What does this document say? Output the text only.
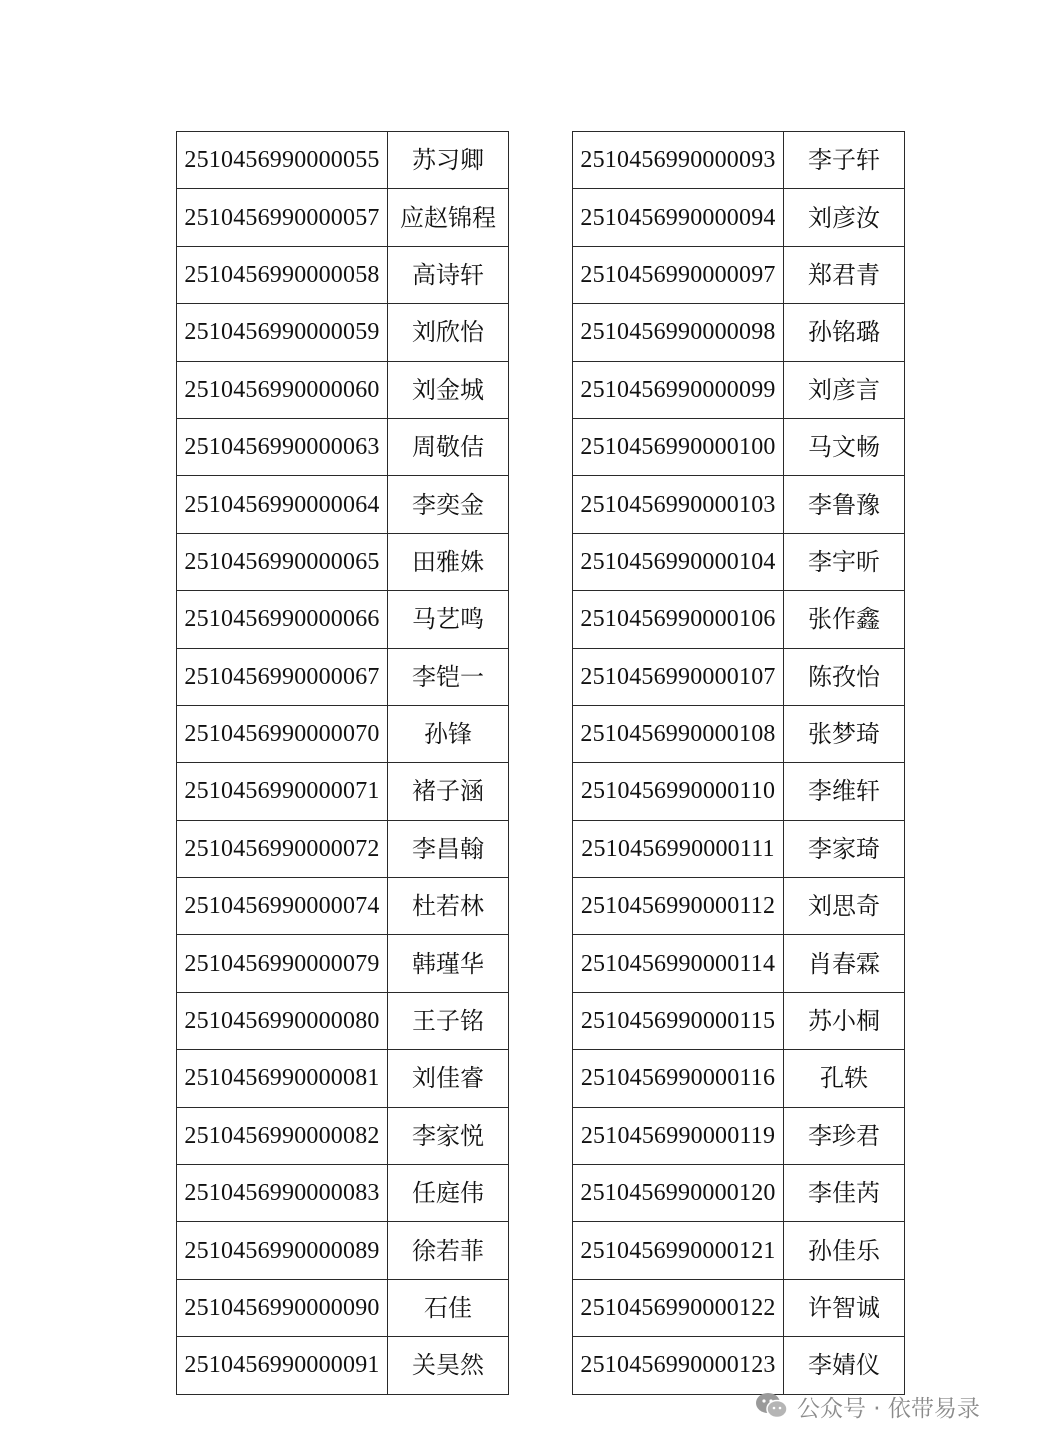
2510456990000055	苏习卿
2510456990000057	应赵锦程
2510456990000058	高诗轩
2510456990000059	刘欣怡
2510456990000060	刘金城
2510456990000063	周敬佶
2510456990000064	李奕金
2510456990000065	田雅姝
2510456990000066	马艺鸣
2510456990000067	李铠一
2510456990000070	孙锋
2510456990000071	褚子涵
2510456990000072	李昌翰
2510456990000074	杜若林
2510456990000079	韩瑾华
2510456990000080	王子铭
2510456990000081	刘佳睿
2510456990000082	李家悦
2510456990000083	任庭伟
2510456990000089	徐若菲
2510456990000090	石佳
2510456990000091	关昊然
2510456990000093	李子轩
2510456990000094	刘彦汝
2510456990000097	郑君青
2510456990000098	孙铭璐
2510456990000099	刘彦言
2510456990000100	马文畅
2510456990000103	李鲁豫
2510456990000104	李宇昕
2510456990000106	张作鑫
2510456990000107	陈孜怡
2510456990000108	张梦琦
2510456990000110	李维轩
2510456990000111	李家琦
2510456990000112	刘思奇
2510456990000114	肖春霖
2510456990000115	苏小桐
2510456990000116	孔轶
2510456990000119	李珍君
2510456990000120	李佳芮
2510456990000121	孙佳乐
2510456990000122	许智诚
2510456990000123	李婧仪
公众号 · 依带易录
